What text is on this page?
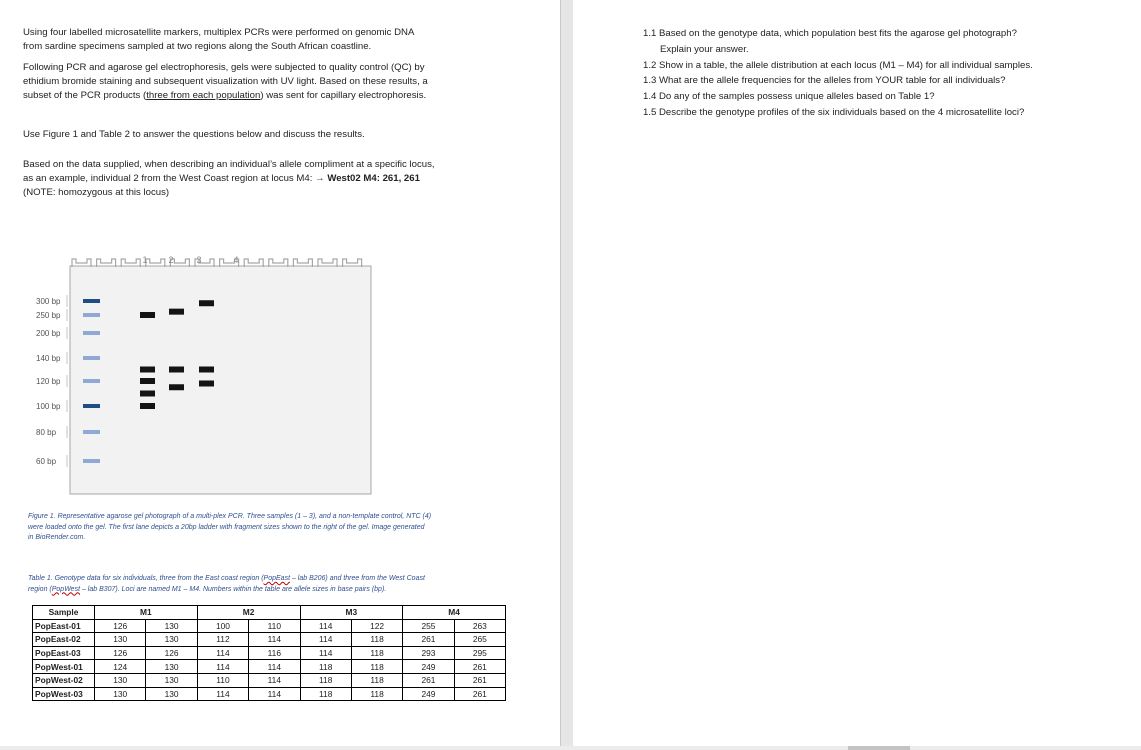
Using four labelled microsatellite markers, multiplex PCRs were performed on genomic DNA
from sardine specimens sampled at two regions along the South African coastline.

Following PCR and agarose gel electrophoresis, gels were subjected to quality control (QC) by
ethidium bromide staining and subsequent visualization with UV light. Based on these results, a
subset of the PCR products (three from each population) was sent for capillary electrophoresis.

Use Figure 1 and Table 2 to answer the questions below and discuss the results.

Based on the data supplied, when describing an individual’s allele compliment at a specific locus,
as an example, individual 2 from the West Coast region at locus M4: → West02 M4: 261, 261
(NOTE: homozygous at this locus)

1 2	3	4
300 bp
250 bp
200 bp
140 bp
120 bp
100 bp
80 bp
60 bp

Figure 1. Representative agarose gel photograph of a multi-plex PCR. Three samples (1 – 3), and a non-template control, NTC (4)
were loaded onto the gel. The first lane depicts a 20bp ladder with fragment sizes shown to the right of the gel. Image generated
in BioRender.com.

Table 1. Genotype data for six individuals, three from the East coast region (PopEast – lab B206) and three from the West Coast
region (PopWest – lab B307). Loci are named M1 – M4. Numbers within the table are allele sizes in base pairs (bp).

Sample	M1		M2		M3		M4	
PopEast-01	126	130	100	110	114	122	255	263
PopEast-02	130	130	112	114	114	118	261	265
PopEast-03	126	126	114	116	114	118	293	295
PopWest-01	124	130	114	114	118	118	249	261
PopWest-02	130	130	110	114	118	118	261	261
PopWest-03	130	130	114	114	118	118	249	261
1.1 Based on the genotype data, which population best fits the agarose gel photograph?
Explain your answer.
1.2 Show in a table, the allele distribution at each locus (M1 – M4) for all individual samples.
1.3 What are the allele frequencies for the alleles from YOUR table for all individuals?
1.4 Do any of the samples possess unique alleles based on Table 1?
1.5 Describe the genotype profiles of the six individuals based on the 4 microsatellite loci?
